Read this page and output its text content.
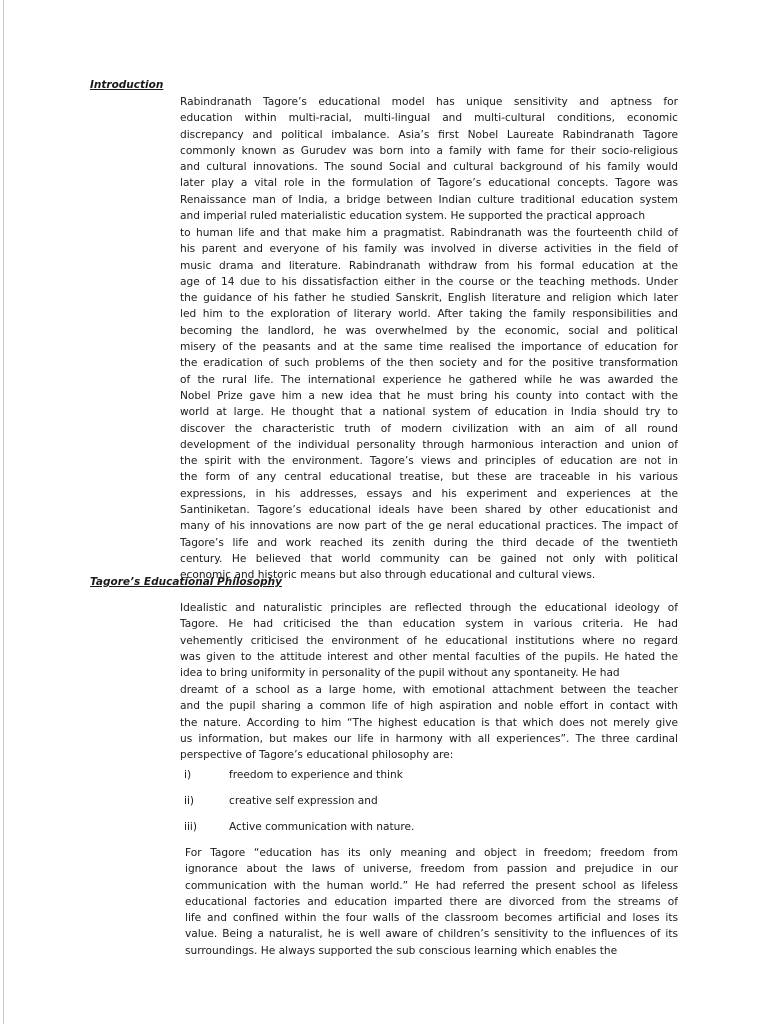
Introduction

Rabindranath Tagore’s educational model has unique sensitivity and aptness for
education within multi-racial, multi-lingual and multi-cultural conditions, economic
discrepancy and political imbalance. Asia’s first Nobel Laureate Rabindranath Tagore
commonly known as Gurudev was born into a family with fame for their socio-religious
and cultural innovations. The sound Social and cultural background of his family would
later play a vital role in the formulation of Tagore’s educational concepts. Tagore was
Renaissance man of India, a bridge between Indian culture traditional education system
and imperial ruled materialistic education system. He supported the practical approach

to human life and that make him a pragmatist. Rabindranath was the fourteenth child of
his parent and everyone of his family was involved in diverse activities in the field of
music drama and literature. Rabindranath withdraw from his formal education at the
age of 14 due to his dissatisfaction either in the course or the teaching methods. Under
the guidance of his father he studied Sanskrit, English literature and religion which later
led him to the exploration of literary world. After taking the family responsibilities and
becoming the landlord, he was overwhelmed by the economic, social and political
misery of the peasants and at the same time realised the importance of education for
the eradication of such problems of the then society and for the positive transformation
of the rural life. The international experience he gathered while he was awarded the
Nobel Prize gave him a new idea that he must bring his county into contact with the
world at large. He thought that a national system of education in India should try to
discover the characteristic truth of modern civilization with an aim of all round
development of the individual personality through harmonious interaction and union of
the spirit with the environment. Tagore’s views and principles of education are not in
the form of any central educational treatise, but these are traceable in his various
expressions, in his addresses, essays and his experiment and experiences at the
Santiniketan. Tagore’s educational ideals have been shared by other educationist and
many of his innovations are now part of the ge neral educational practices. The impact of
Tagore’s life and work reached its zenith during the third decade of the twentieth
century. He believed that world community can be gained not only with political
economic and historic means but also through educational and cultural views.

Tagore’s Educational Philosophy

Idealistic and naturalistic principles are reflected through the educational ideology of
Tagore. He had criticised the than education system in various criteria. He had
vehemently criticised the environment of he educational institutions where no regard
was given to the attitude interest and other mental faculties of the pupils. He hated the
idea to bring uniformity in personality of the pupil without any spontaneity. He had

dreamt of a school as a large home, with emotional attachment between the teacher
and the pupil sharing a common life of high aspiration and noble effort in contact with
the nature. According to him “The highest education is that which does not merely give
us information, but makes our life in harmony with all experiences”. The three cardinal
perspective of Tagore’s educational philosophy are:

i)	freedom to experience and think
ii)	creative self expression and
iii)	Active communication with nature.

For Tagore “education has its only meaning and object in freedom; freedom from
ignorance about the laws of universe, freedom from passion and prejudice in our
communication with the human world.” He had referred the present school as lifeless
educational factories and education imparted there are divorced from the streams of
life and confined within the four walls of the classroom becomes artificial and loses its
value. Being a naturalist, he is well aware of children’s sensitivity to the influences of its
surroundings. He always supported the sub conscious learning which enables the
